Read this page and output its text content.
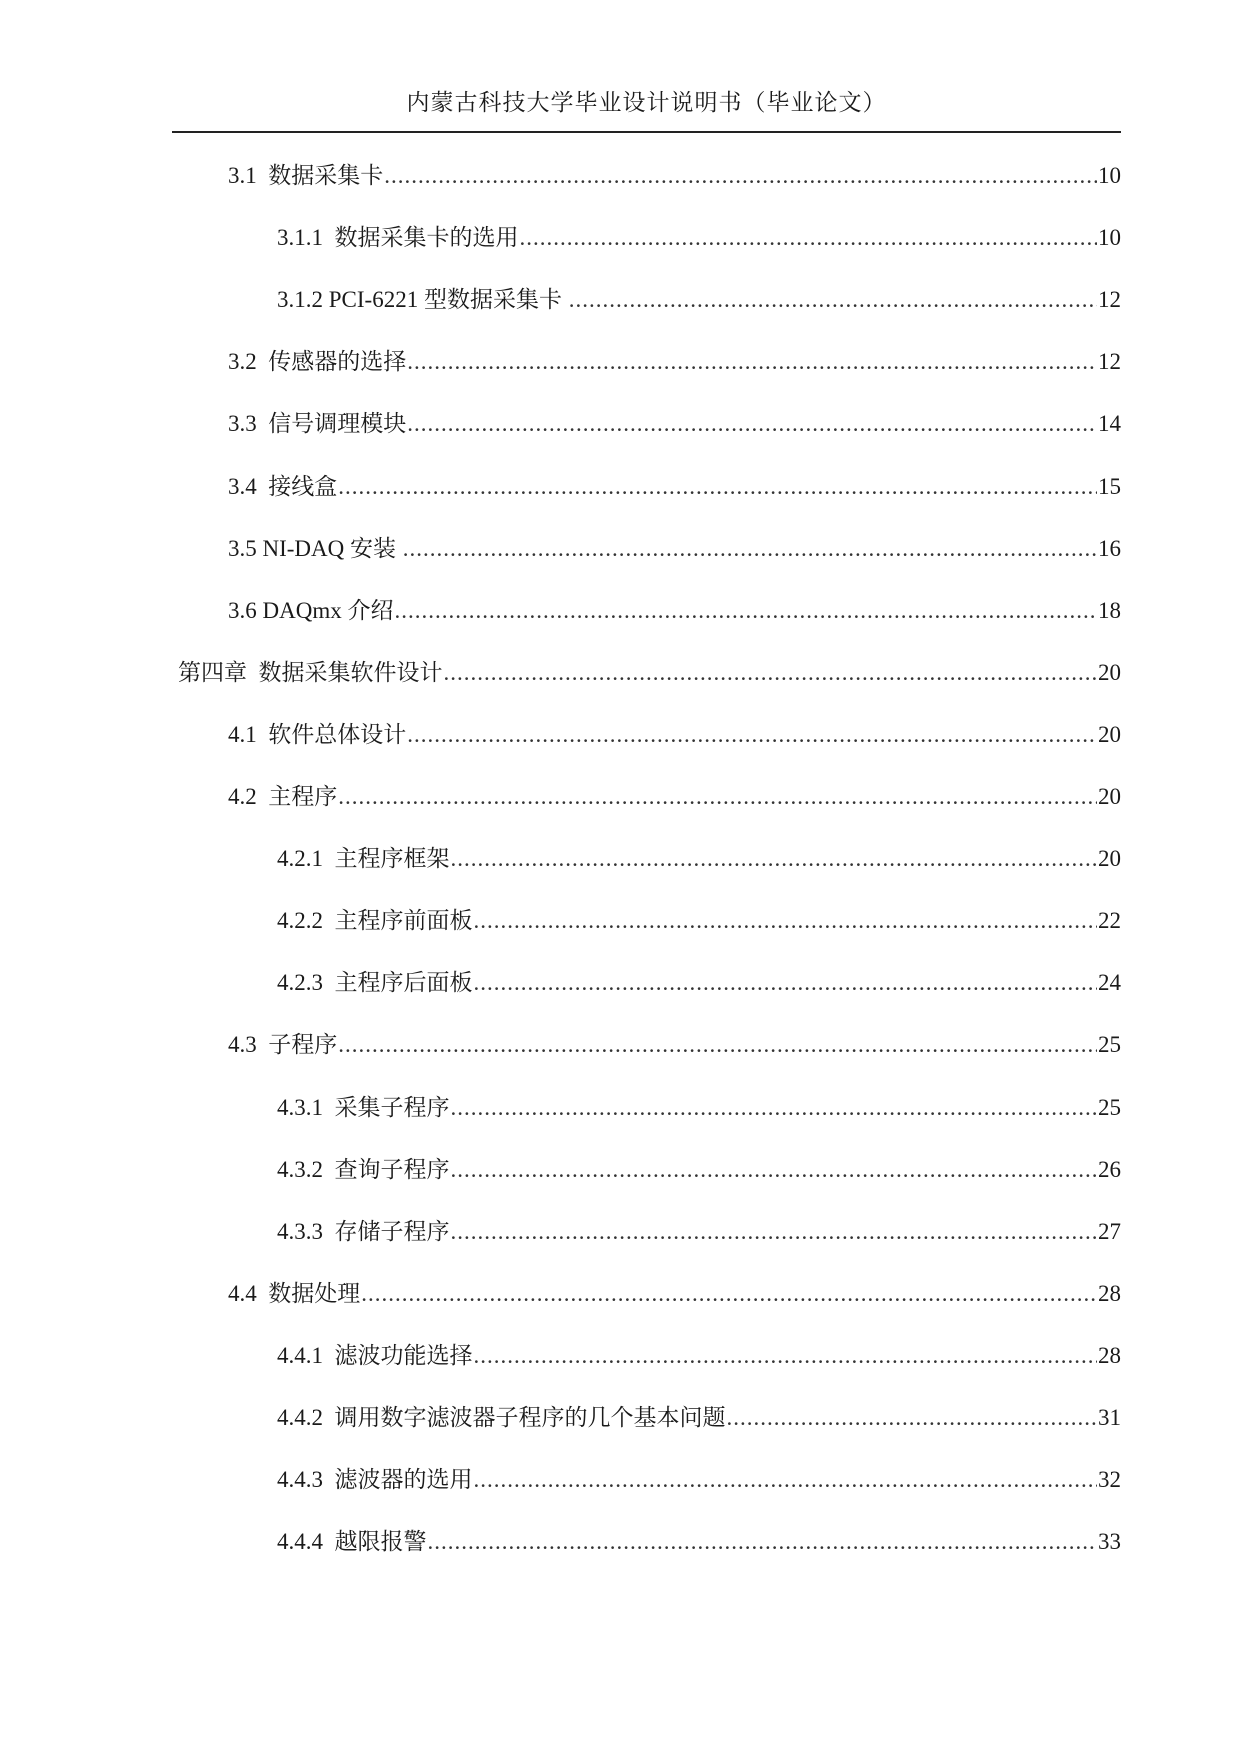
内蒙古科技大学毕业设计说明书（毕业论文）
3.1 数据采集卡 .....	10
3.1.1 数据采集卡的选用 .....	10
3.1.2 PCI-6221 型数据采集卡 .....	12
3.2 传感器的选择 .....	12
3.3 信号调理模块 .....	14
3.4 接线盒 .....	15
3.5 NI-DAQ 安装 .....	16
3.6 DAQmx 介绍 .....	18
第四章 数据采集软件设计 .....	20
4.1 软件总体设计 .....	20
4.2 主程序 .....	20
4.2.1 主程序框架 .....	20
4.2.2 主程序前面板 .....	22
4.2.3 主程序后面板 .....	24
4.3 子程序 .....	25
4.3.1 采集子程序 .....	25
4.3.2 查询子程序 .....	26
4.3.3 存储子程序 .....	27
4.4 数据处理 .....	28
4.4.1 滤波功能选择 .....	28
4.4.2 调用数字滤波器子程序的几个基本问题 .....	31
4.4.3 滤波器的选用 .....	32
4.4.4 越限报警 .....	33
